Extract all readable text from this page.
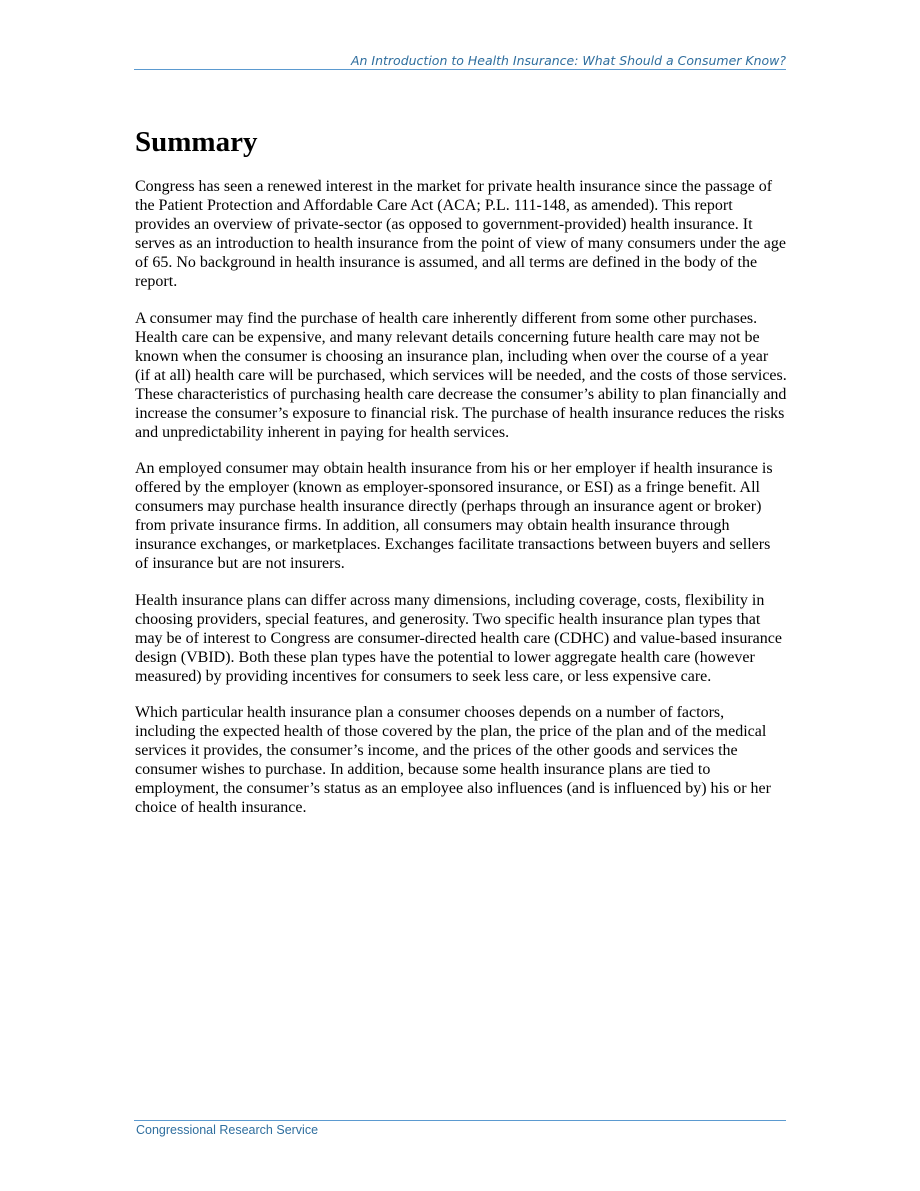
An Introduction to Health Insurance: What Should a Consumer Know?
Summary

Congress has seen a renewed interest in the market for private health insurance since the passage of the Patient Protection and Affordable Care Act (ACA; P.L. 111-148, as amended). This report provides an overview of private-sector (as opposed to government-provided) health insurance. It serves as an introduction to health insurance from the point of view of many consumers under the age of 65. No background in health insurance is assumed, and all terms are defined in the body of the report.

A consumer may find the purchase of health care inherently different from some other purchases. Health care can be expensive, and many relevant details concerning future health care may not be known when the consumer is choosing an insurance plan, including when over the course of a year (if at all) health care will be purchased, which services will be needed, and the costs of those services. These characteristics of purchasing health care decrease the consumer’s ability to plan financially and increase the consumer’s exposure to financial risk. The purchase of health insurance reduces the risks and unpredictability inherent in paying for health services.

An employed consumer may obtain health insurance from his or her employer if health insurance is offered by the employer (known as employer-sponsored insurance, or ESI) as a fringe benefit. All consumers may purchase health insurance directly (perhaps through an insurance agent or broker) from private insurance firms. In addition, all consumers may obtain health insurance through insurance exchanges, or marketplaces. Exchanges facilitate transactions between buyers and sellers of insurance but are not insurers.

Health insurance plans can differ across many dimensions, including coverage, costs, flexibility in choosing providers, special features, and generosity. Two specific health insurance plan types that may be of interest to Congress are consumer-directed health care (CDHC) and value-based insurance design (VBID). Both these plan types have the potential to lower aggregate health care (however measured) by providing incentives for consumers to seek less care, or less expensive care.

Which particular health insurance plan a consumer chooses depends on a number of factors, including the expected health of those covered by the plan, the price of the plan and of the medical services it provides, the consumer’s income, and the prices of the other goods and services the consumer wishes to purchase. In addition, because some health insurance plans are tied to employment, the consumer’s status as an employee also influences (and is influenced by) his or her choice of health insurance.

Congressional Research Service
